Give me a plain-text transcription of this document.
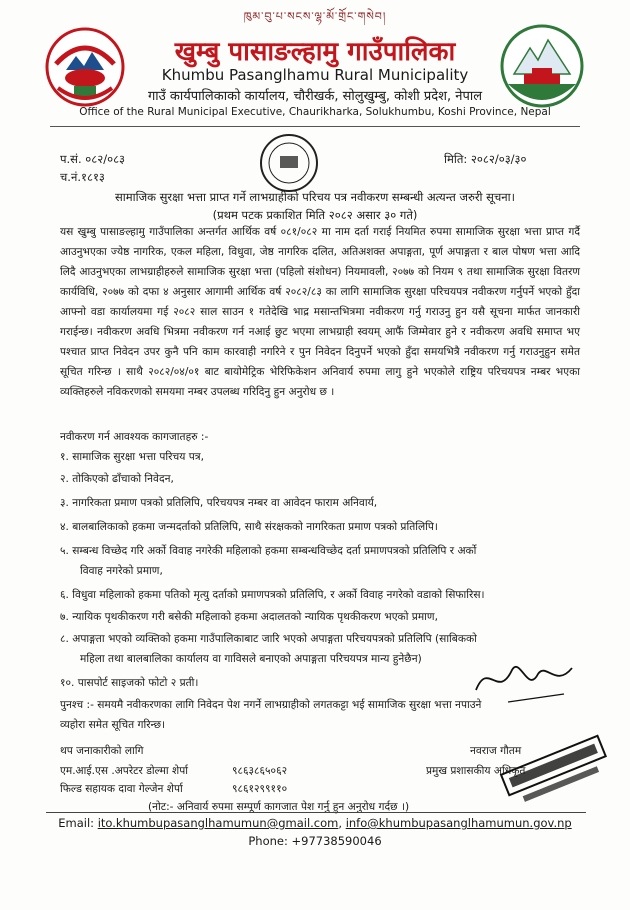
ཁུམ་བུ་པ་སངས་ལྷ་མོ་གྲོང་གསེབ།
खुम्बु पासाङल्हामु गाउँपालिका
Khumbu Pasanglhamu Rural Municipality
गाउँ कार्यपालिकाको कार्यालय, चौरीखर्क, सोलुखुम्बु, कोशी प्रदेश, नेपाल
Office of the Rural Municipal Executive, Chaurikharka, Solukhumbu, Koshi Province, Nepal
प.सं. ०८२/०८३
च.नं.१८१३
मिति: २०८२/०३/३०
सामाजिक सुरक्षा भत्ता प्राप्त गर्ने लाभग्राहीको परिचय पत्र नवीकरण सम्बन्धी अत्यन्त जरुरी सूचना।
(प्रथम पटक प्रकाशित मिति २०८२ असार ३० गते)
यस खुम्बु पासाङल्हामु गाउँपालिका अन्तर्गत आर्थिक वर्ष ०८१/०८२ मा नाम दर्ता गराई नियमित रुपमा सामाजिक सुरक्षा भत्ता प्राप्त गर्दै आउनुभएका ज्येष्ठ नागरिक, एकल महिला, विधुवा, जेष्ठ नागरिक दलित, अतिअशक्त अपाङ्गता, पूर्ण अपाङ्गता र बाल पोषण भत्ता आदि लिदै आउनुभएका लाभग्राहीहरुले सामाजिक सुरक्षा भत्ता (पहिलो संशोधन) नियमावली, २०७७ को नियम ९ तथा सामाजिक सुरक्षा वितरण कार्यविधि, २०७७ को दफा ४ अनुसार आगामी आर्थिक वर्ष २०८२/८३ का लागि सामाजिक सुरक्षा परिचयपत्र नवीकरण गर्नुपर्ने भएको हुँदा आफ्नो वडा कार्यालयमा गई २०८२ साल साउन १ गतेदेखि भाद्र मसान्तभित्रमा नवीकरण गर्नु गराउनु हुन यसै सूचना मार्फत जानकारी गराईन्छ। नवीकरण अवधि भित्रमा नवीकरण गर्न नआई छुट भएमा लाभग्राही स्वयम् आफैं जिम्मेवार हुने र नवीकरण अवधि समाप्त भए पश्चात प्राप्त निवेदन उपर कुनै पनि काम कारवाही नगरिने र पुन निवेदन दिनुपर्ने भएको हुँदा समयभित्रै नवीकरण गर्नु गराउनुहुन समेत सूचित गरिन्छ । साथै २०८२/०४/०१ बाट बायोमेट्रिक भेरिफिकेशन अनिवार्य रुपमा लागु हुने भएकोले राष्ट्रिय परिचयपत्र नम्बर भएका व्यक्तिहरुले नविकरणको समयमा नम्बर उपलब्ध गरिदिनु हुन अनुरोध छ ।
नवीकरण गर्न आवश्यक कागजातहरु :-
१. सामाजिक सुरक्षा भत्ता परिचय पत्र,
२. तोकिएको ढाँचाको निवेदन,
३. नागरिकता प्रमाण पत्रको प्रतिलिपि, परिचयपत्र नम्बर वा आवेदन फाराम अनिवार्य,
४. बालबालिकाको हकमा जन्मदर्ताको प्रतिलिपि, साथै संरक्षकको नागरिकता प्रमाण पत्रको प्रतिलिपि।
५. सम्बन्ध विच्छेद गरि अर्को विवाह नगरेकी महिलाको हकमा सम्बन्धविच्छेद दर्ता प्रमाणपत्रको प्रतिलिपि र अर्को
विवाह नगरेको प्रमाण,
६. विधुवा महिलाको हकमा पतिको मृत्यु दर्ताको प्रमाणपत्रको प्रतिलिपि, र अर्को विवाह नगरेको वडाको सिफारिस।
७. न्यायिक पृथकीकरण गरी बसेकी महिलाको हकमा अदालतको न्यायिक पृथकीकरण भएको प्रमाण,
८. अपाङ्गता भएको व्यक्तिको हकमा गाउँपालिकाबाट जारि भएको अपाङ्गता परिचयपत्रको प्रतिलिपि (साबिकको
महिला तथा बालबालिका कार्यालय वा गाविसले बनाएको अपाङ्गता परिचयपत्र मान्य हुनेछैन)
१०. पासपोर्ट साइजको फोटो २ प्रती।
पुनश्च :- समयमै नवीकरणका लागि निवेदन पेश नगर्ने लाभग्राहीको लगतकट्टा भई सामाजिक सुरक्षा भत्ता नपाउने
व्यहोरा समेत सूचित गरिन्छ।
थप जनाकारीको लागि
एम.आई.एस .अपरेटर डोल्मा शेर्पा	९८६३८६५०६२
फिल्ड सहायक दावा गेल्जेन शेर्पा	९८६१२९९११०
(नोट:- अनिवार्य रुपमा सम्पूर्ण कागजात पेश गर्नु हुन अनुरोध गर्दछ ।)
नवराज गौतम
प्रमुख प्रशासकीय अधिकृत
Email: ito.khumbupasanglhamumun@gmail.com, info@khumbupasanglhamumun.gov.np
Phone: +97738590046
